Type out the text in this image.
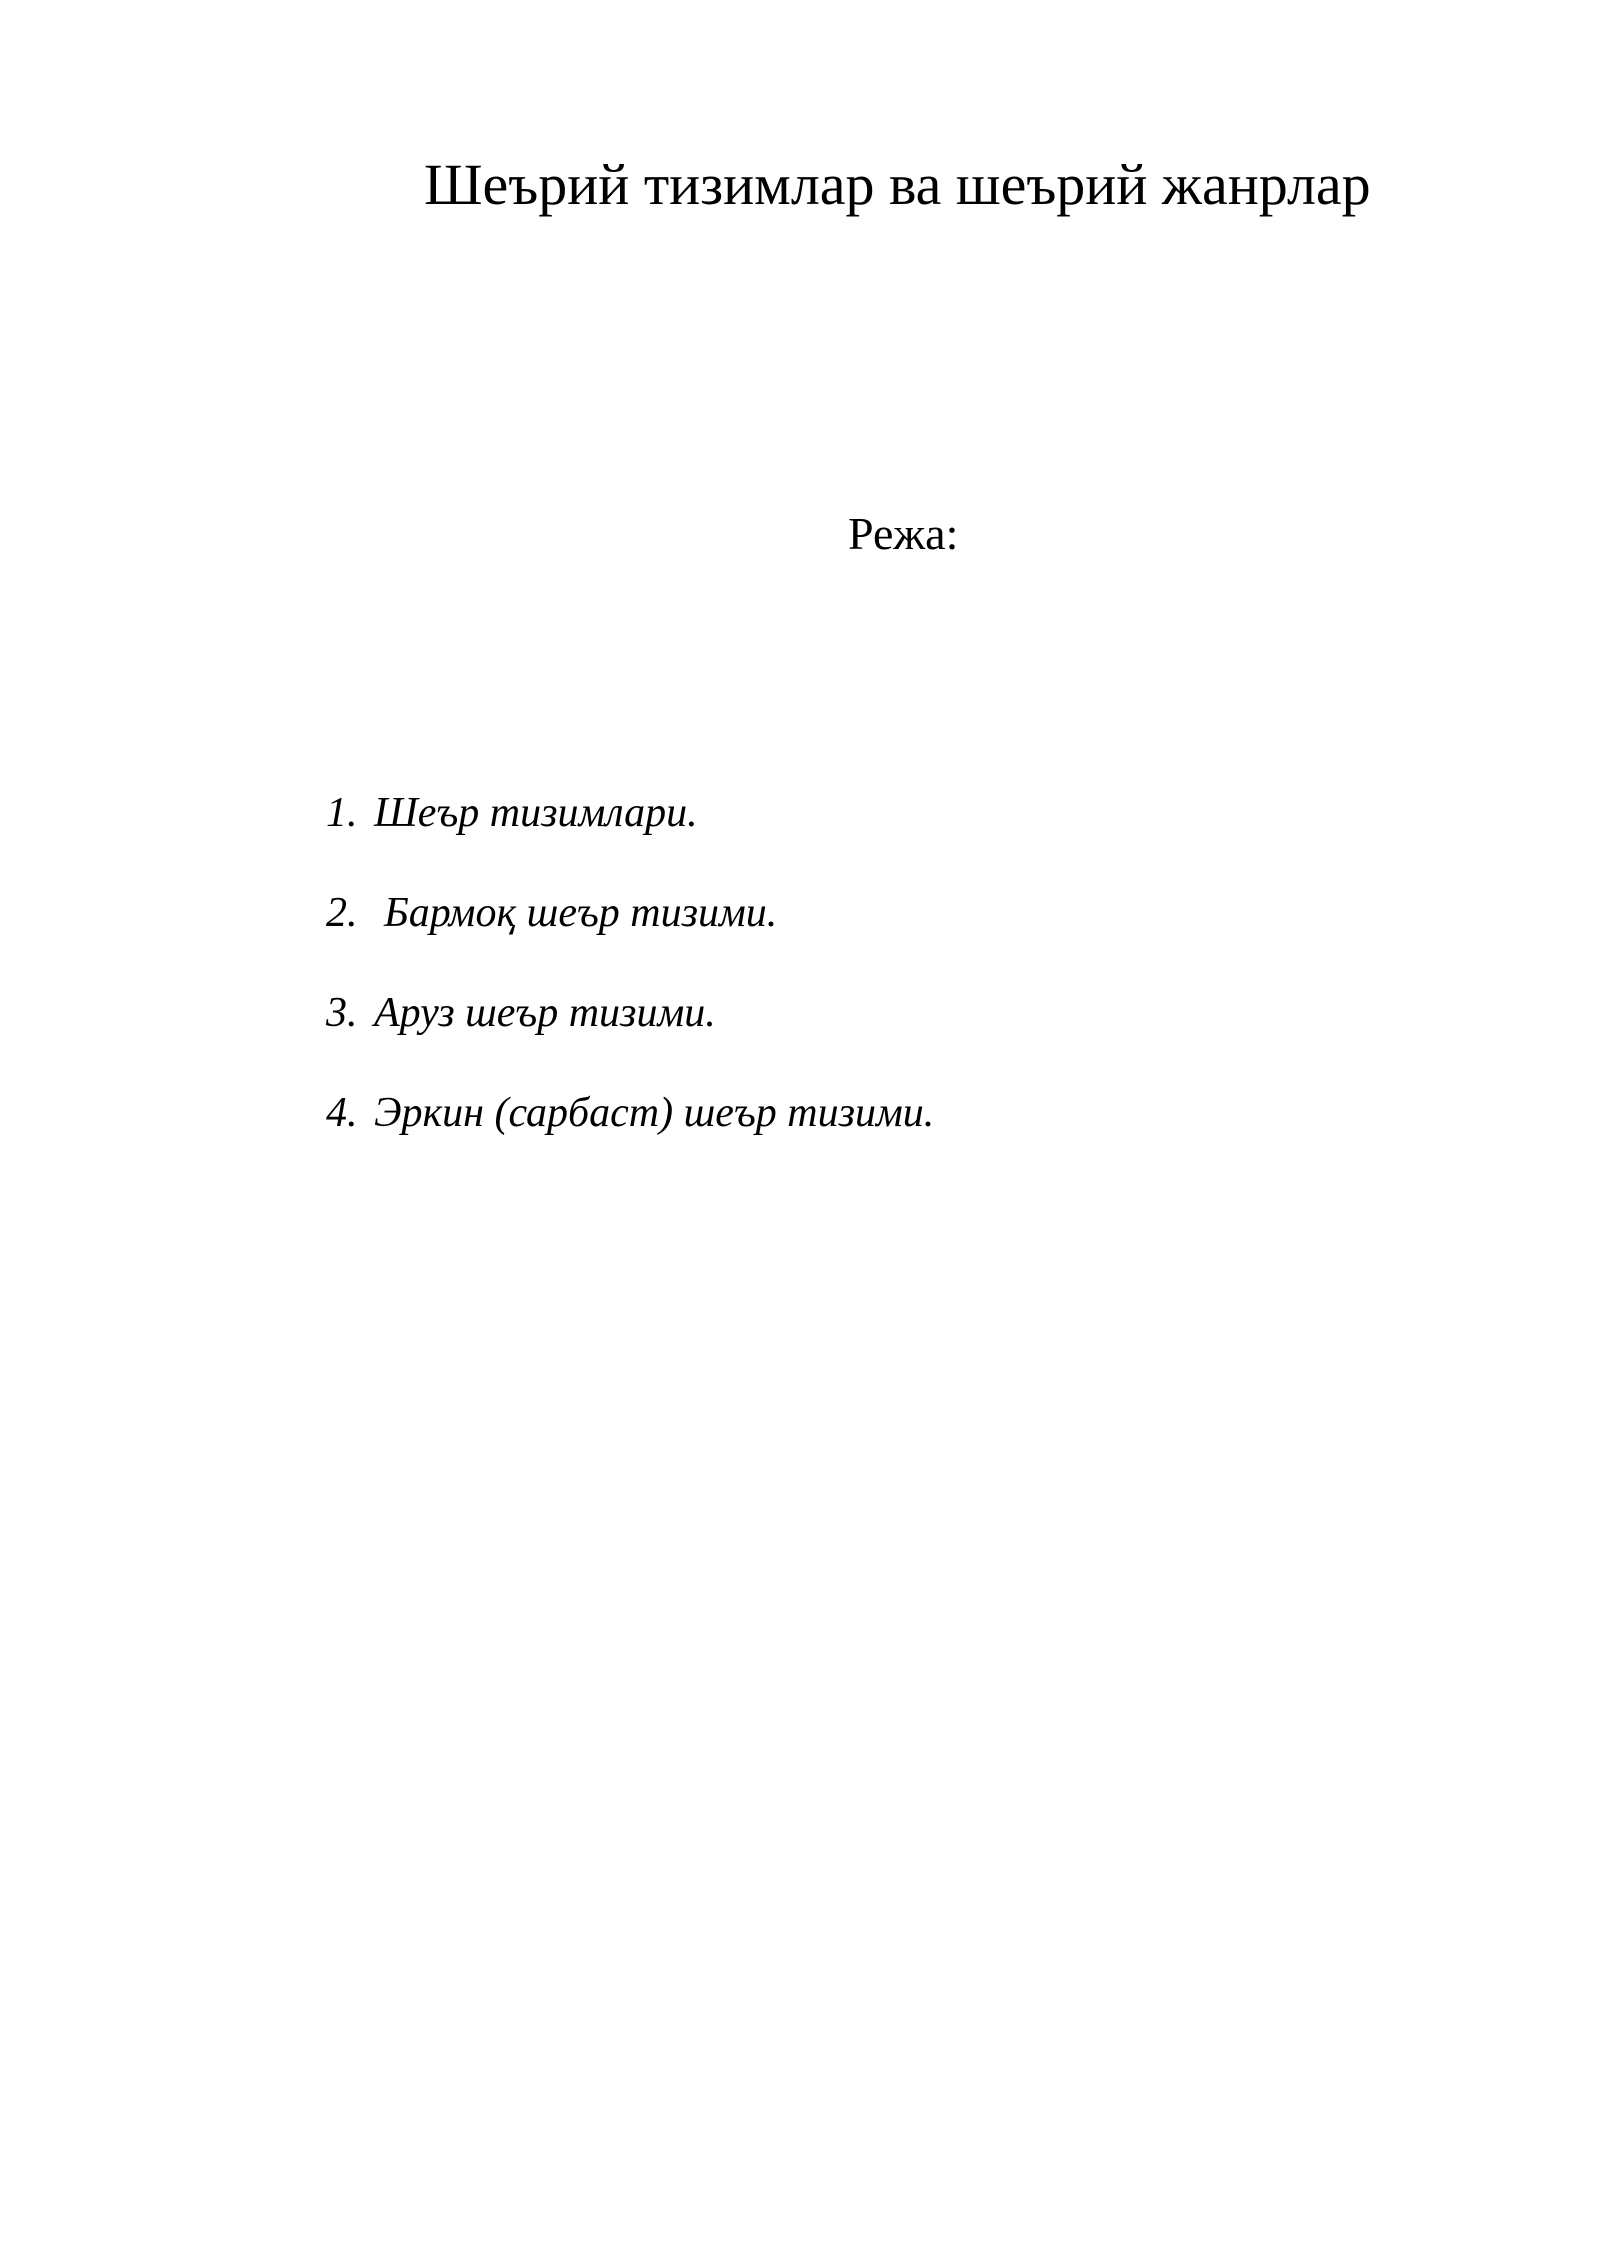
Шеърий тизимлар ва шеърий жанрлар
Режа:
1. Шеър тизимлари.
2. Бармоқ шеър тизими.
3. Аруз шеър тизими.
4. Эркин (сарбаст) шеър тизими.
